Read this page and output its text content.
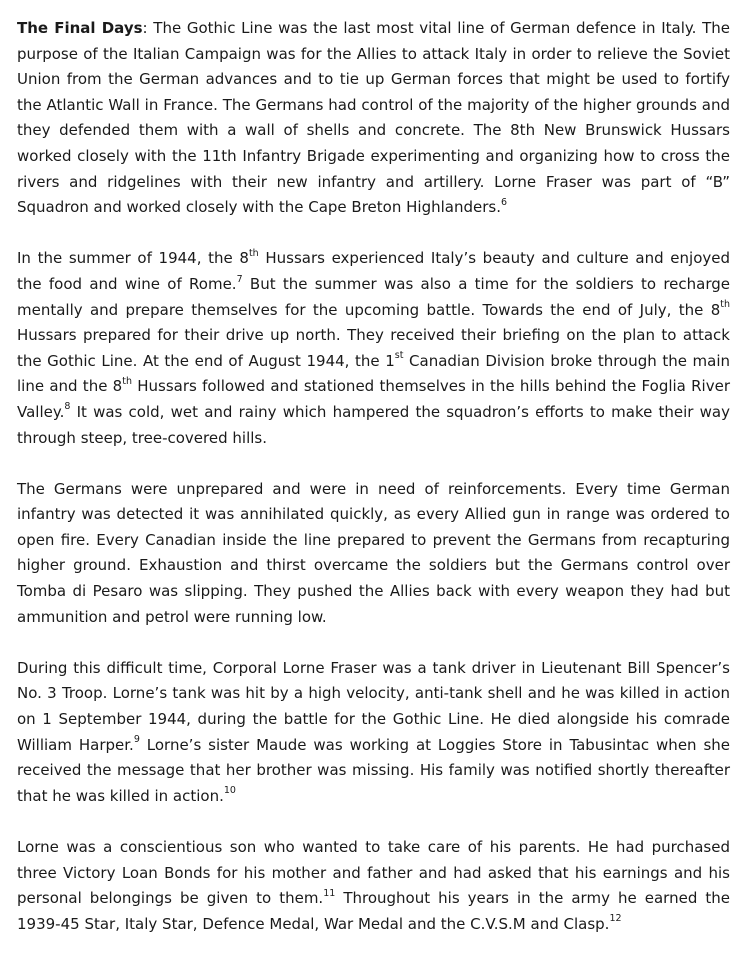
The Final Days: The Gothic Line was the last most vital line of German defence in Italy. The purpose of the Italian Campaign was for the Allies to attack Italy in order to relieve the Soviet Union from the German advances and to tie up German forces that might be used to fortify the Atlantic Wall in France. The Germans had control of the majority of the higher grounds and they defended them with a wall of shells and concrete. The 8th New Brunswick Hussars worked closely with the 11th Infantry Brigade experimenting and organizing how to cross the rivers and ridgelines with their new infantry and artillery. Lorne Fraser was part of “B” Squadron and worked closely with the Cape Breton Highlanders.$^6$

In the summer of 1944, the 8th Hussars experienced Italy’s beauty and culture and enjoyed the food and wine of Rome.$^7$ But the summer was also a time for the soldiers to recharge mentally and prepare themselves for the upcoming battle. Towards the end of July, the 8th Hussars prepared for their drive up north. They received their briefing on the plan to attack the Gothic Line. At the end of August 1944, the 1st Canadian Division broke through the main line and the 8th Hussars followed and stationed themselves in the hills behind the Foglia River Valley.$^8$ It was cold, wet and rainy which hampered the squadron’s efforts to make their way through steep, tree-covered hills.

The Germans were unprepared and were in need of reinforcements. Every time German infantry was detected it was annihilated quickly, as every Allied gun in range was ordered to open fire. Every Canadian inside the line prepared to prevent the Germans from recapturing higher ground. Exhaustion and thirst overcame the soldiers but the Germans control over Tomba di Pesaro was slipping. They pushed the Allies back with every weapon they had but ammunition and petrol were running low.

During this difficult time, Corporal Lorne Fraser was a tank driver in Lieutenant Bill Spencer’s No. 3 Troop. Lorne’s tank was hit by a high velocity, anti-tank shell and he was killed in action on 1 September 1944, during the battle for the Gothic Line. He died alongside his comrade William Harper.$^9$ Lorne’s sister Maude was working at Loggies Store in Tabusintac when she received the message that her brother was missing. His family was notified shortly thereafter that he was killed in action.$^{10}$

Lorne was a conscientious son who wanted to take care of his parents. He had purchased three Victory Loan Bonds for his mother and father and had asked that his earnings and his personal belongings be given to them.$^{11}$ Throughout his years in the army he earned the 1939-45 Star, Italy Star, Defence Medal, War Medal and the C.V.S.M and Clasp.$^{12}$
